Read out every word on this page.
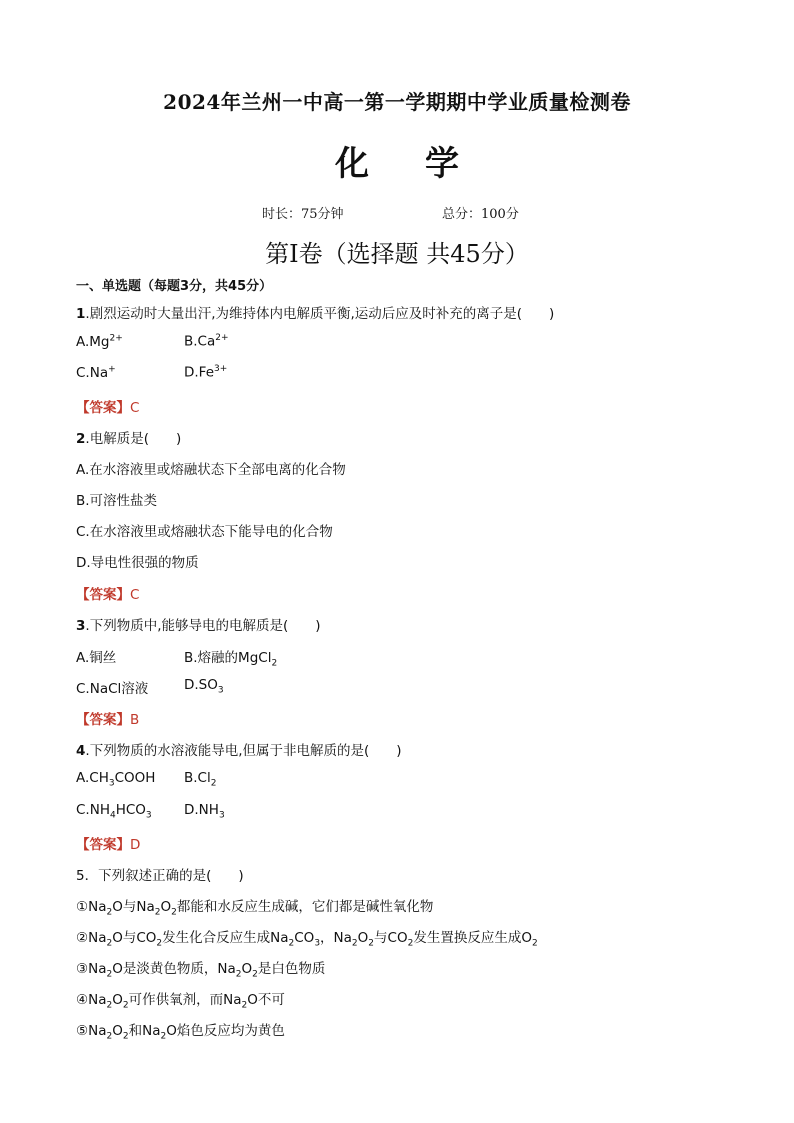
2024年兰州一中高一第一学期期中学业质量检测卷
化 学
时长：75分钟	总分：100分
第Ⅰ卷（选择题 共45分）
一、单选题（每题3分，共45分）
1.剧烈运动时大量出汗,为维持体内电解质平衡,运动后应及时补充的离子是(　　)
$A.Mg^{2+}$	$B.Ca^{2+}$
C.Na+	$D.Fe^{3+}$
【答案】C
2.电解质是(　　)
A.在水溶液里或熔融状态下全部电离的化合物
B.可溶性盐类
C.在水溶液里或熔融状态下能导电的化合物
D.导电性很强的物质
【答案】C
3.下列物质中,能够导电的电解质是(　　)
A.铜丝	B.熔融的MgCl$_2$
C.NaCl溶液	$D.SO_3$
【答案】B
4.下列物质的水溶液能导电,但属于非电解质的是(　　)
$A.CH_3COOH$ $B.Cl_2$
$C.NH_4HCO_3$ $D.NH_3$
【答案】D
5．下列叙述正确的是(　　)
$①Na_2O$与$Na_2O_2$都能和水反应生成碱，它们都是碱性氧化物
$②Na_2O$与$CO_2$发生化合反应生成$Na_2CO_3$，$Na_2O_2$与$CO_2$发生置换反应生成$O_2$
$③Na_2O$是淡黄色物质，$Na_2O_2$是白色物质
$④Na_2O_2$可作供氧剂，而$Na_2O$不可
$⑤Na_2O_2$和$Na_2O$焰色反应均为黄色
